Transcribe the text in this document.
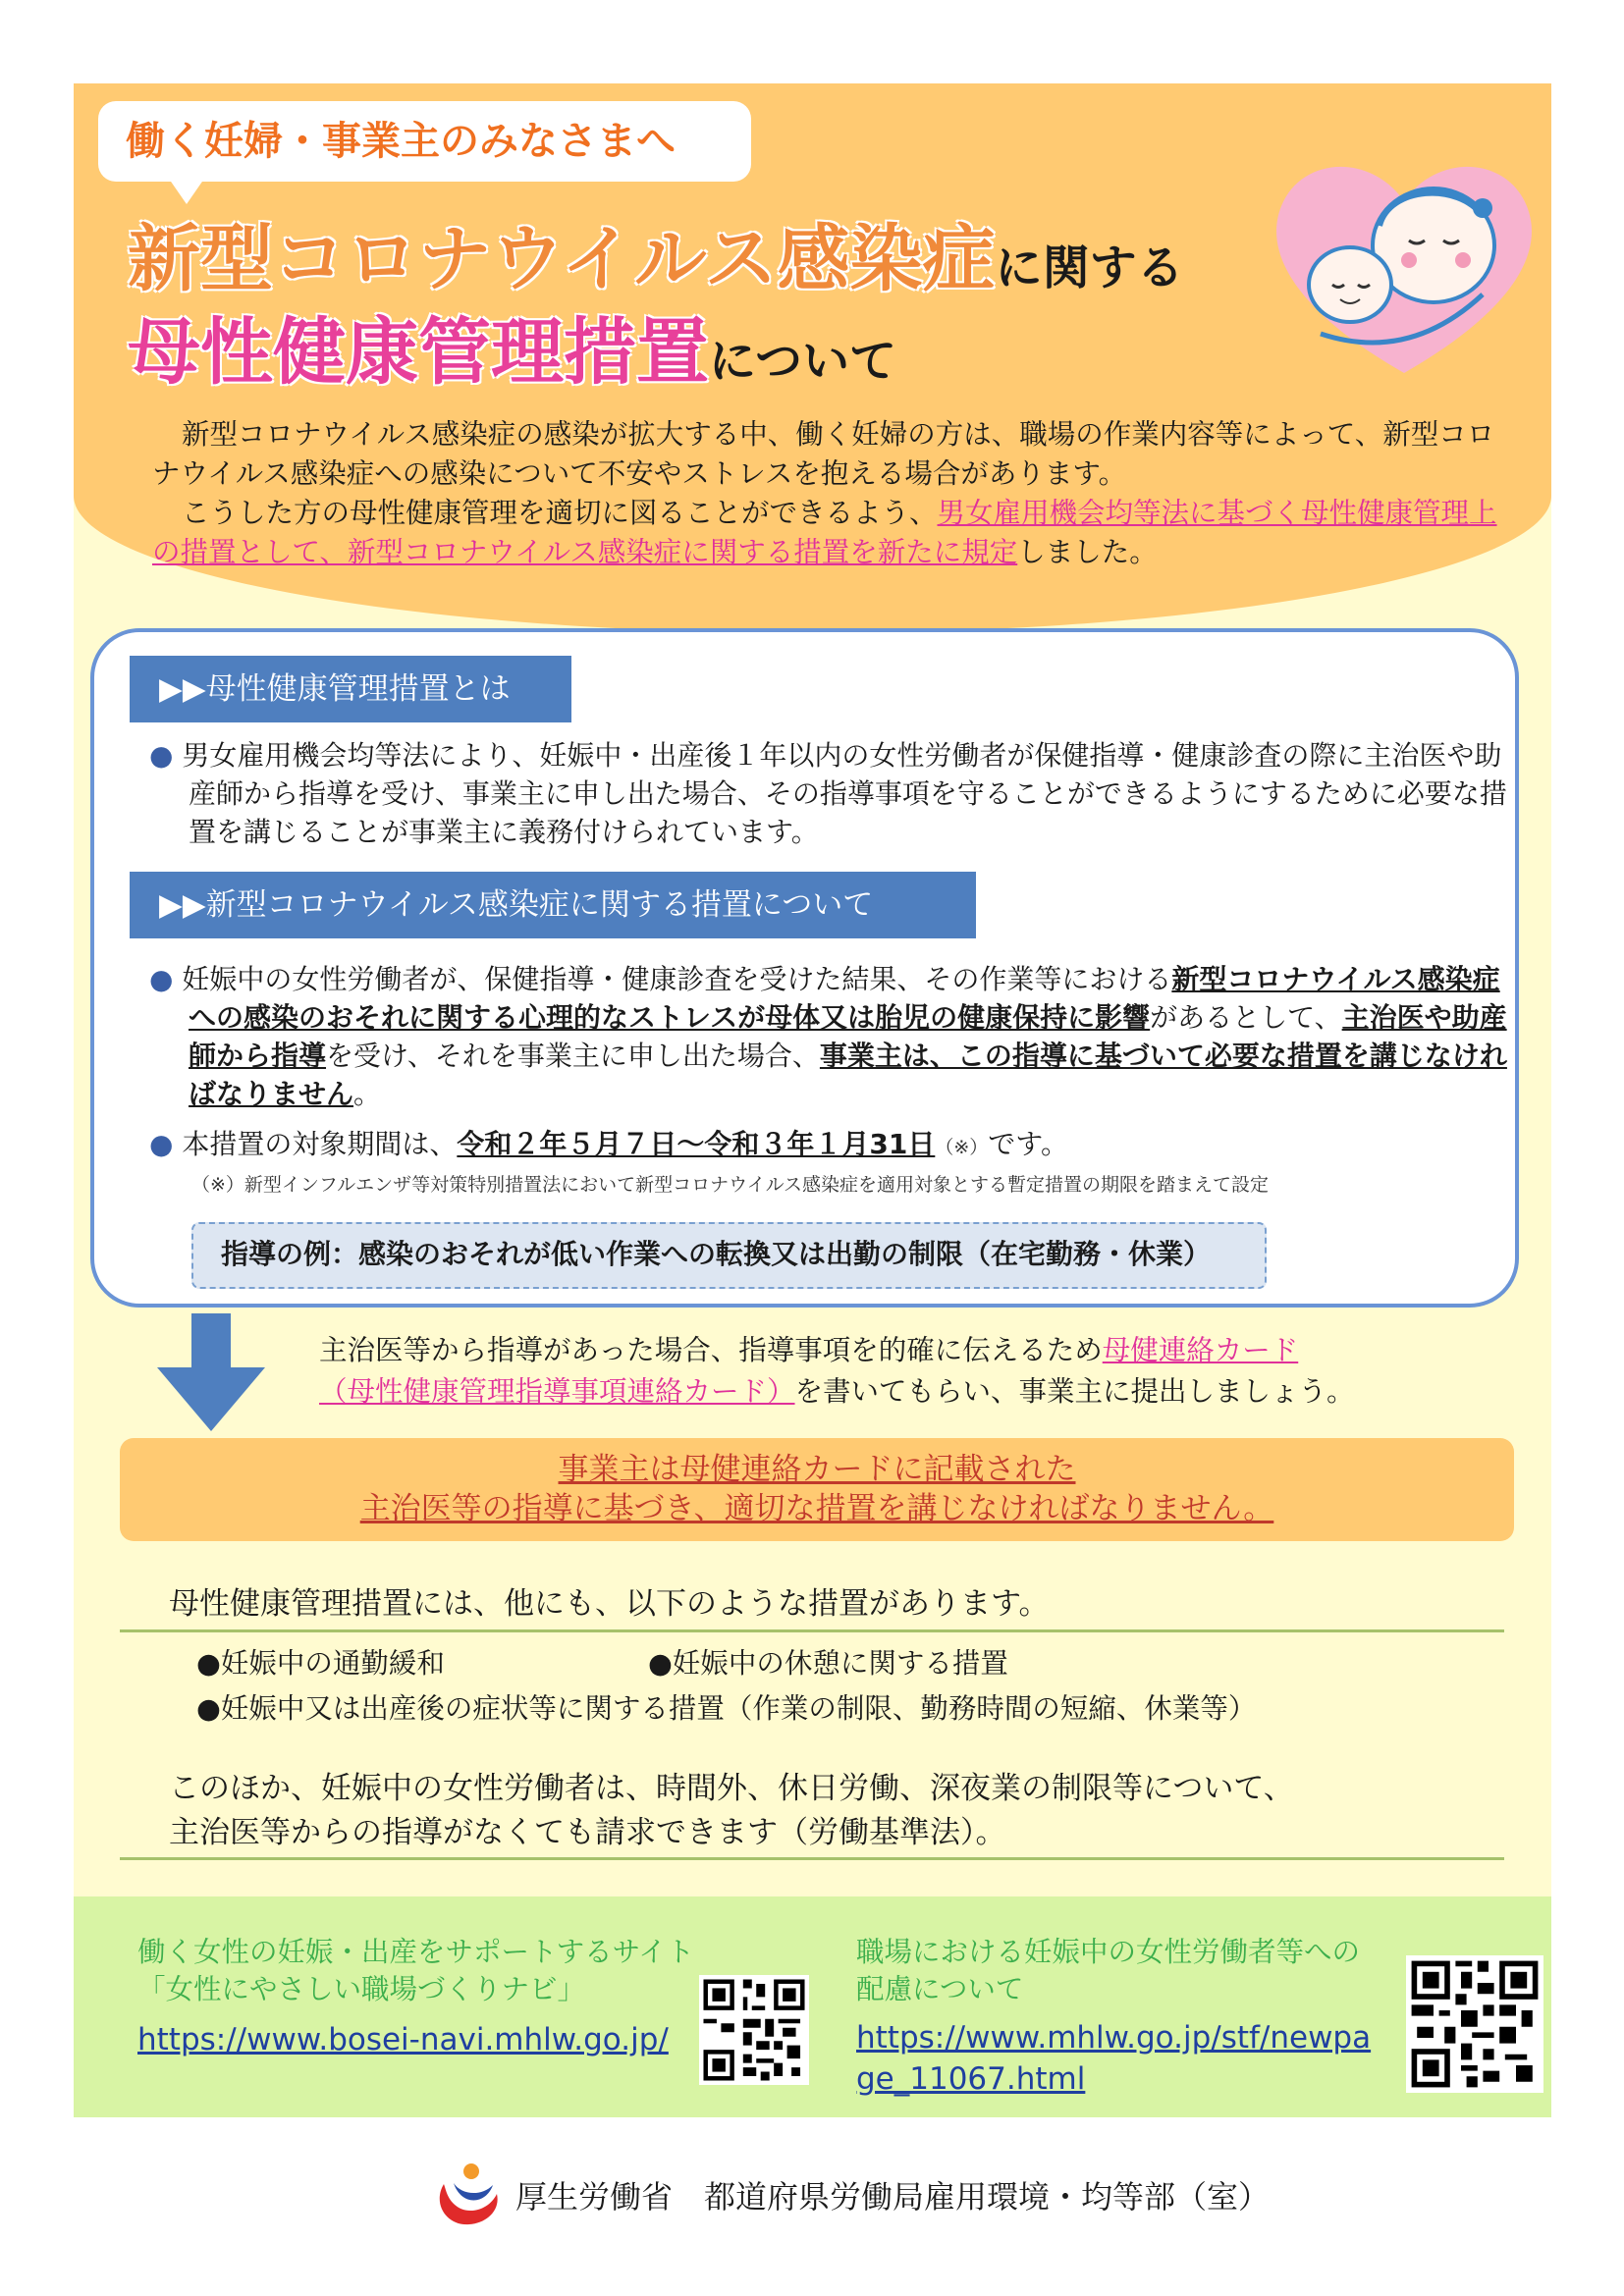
働く妊婦・事業主のみなさまへ
新型コロナウイルス感染症に関する
母性健康管理措置について
新型コロナウイルス感染症の感染が拡大する中、働く妊婦の方は、職場の作業内容等によって、新型コロナウイルス感染症への感染について不安やストレスを抱える場合があります。
こうした方の母性健康管理を適切に図ることができるよう、男女雇用機会均等法に基づく母性健康管理上の措置として、新型コロナウイルス感染症に関する措置を新たに規定しました。
▶▶母性健康管理措置とは
● 男女雇用機会均等法により、妊娠中・出産後１年以内の女性労働者が保健指導・健康診査の際に主治医や助産師から指導を受け、事業主に申し出た場合、その指導事項を守ることができるようにするために必要な措置を講じることが事業主に義務付けられています。
▶▶新型コロナウイルス感染症に関する措置について
● 妊娠中の女性労働者が、保健指導・健康診査を受けた結果、その作業等における新型コロナウイルス感染症への感染のおそれに関する心理的なストレスが母体又は胎児の健康保持に影響があるとして、主治医や助産師から指導を受け、それを事業主に申し出た場合、事業主は、この指導に基づいて必要な措置を講じなければなりません。
● 本措置の対象期間は、令和２年５月７日～令和３年１月31日（※）です。
（※）新型インフルエンザ等対策特別措置法において新型コロナウイルス感染症を適用対象とする暫定措置の期限を踏まえて設定
指導の例：感染のおそれが低い作業への転換又は出勤の制限（在宅勤務・休業）
主治医等から指導があった場合、指導事項を的確に伝えるため母健連絡カード
（母性健康管理指導事項連絡カード）を書いてもらい、事業主に提出しましょう。
事業主は母健連絡カードに記載された
主治医等の指導に基づき、適切な措置を講じなければなりません。
母性健康管理措置には、他にも、以下のような措置があります。
●妊娠中の通勤緩和	●妊娠中の休憩に関する措置
●妊娠中又は出産後の症状等に関する措置（作業の制限、勤務時間の短縮、休業等）
このほか、妊娠中の女性労働者は、時間外、休日労働、深夜業の制限等について、
主治医等からの指導がなくても請求できます（労働基準法）。
働く女性の妊娠・出産をサポートするサイト
「女性にやさしい職場づくりナビ」
https://www.bosei-navi.mhlw.go.jp/
職場における妊娠中の女性労働者等への
配慮について
https://www.mhlw.go.jp/stf/newpa
ge_11067.html
厚生労働省　 都道府県労働局雇用環境・均等部（室）
